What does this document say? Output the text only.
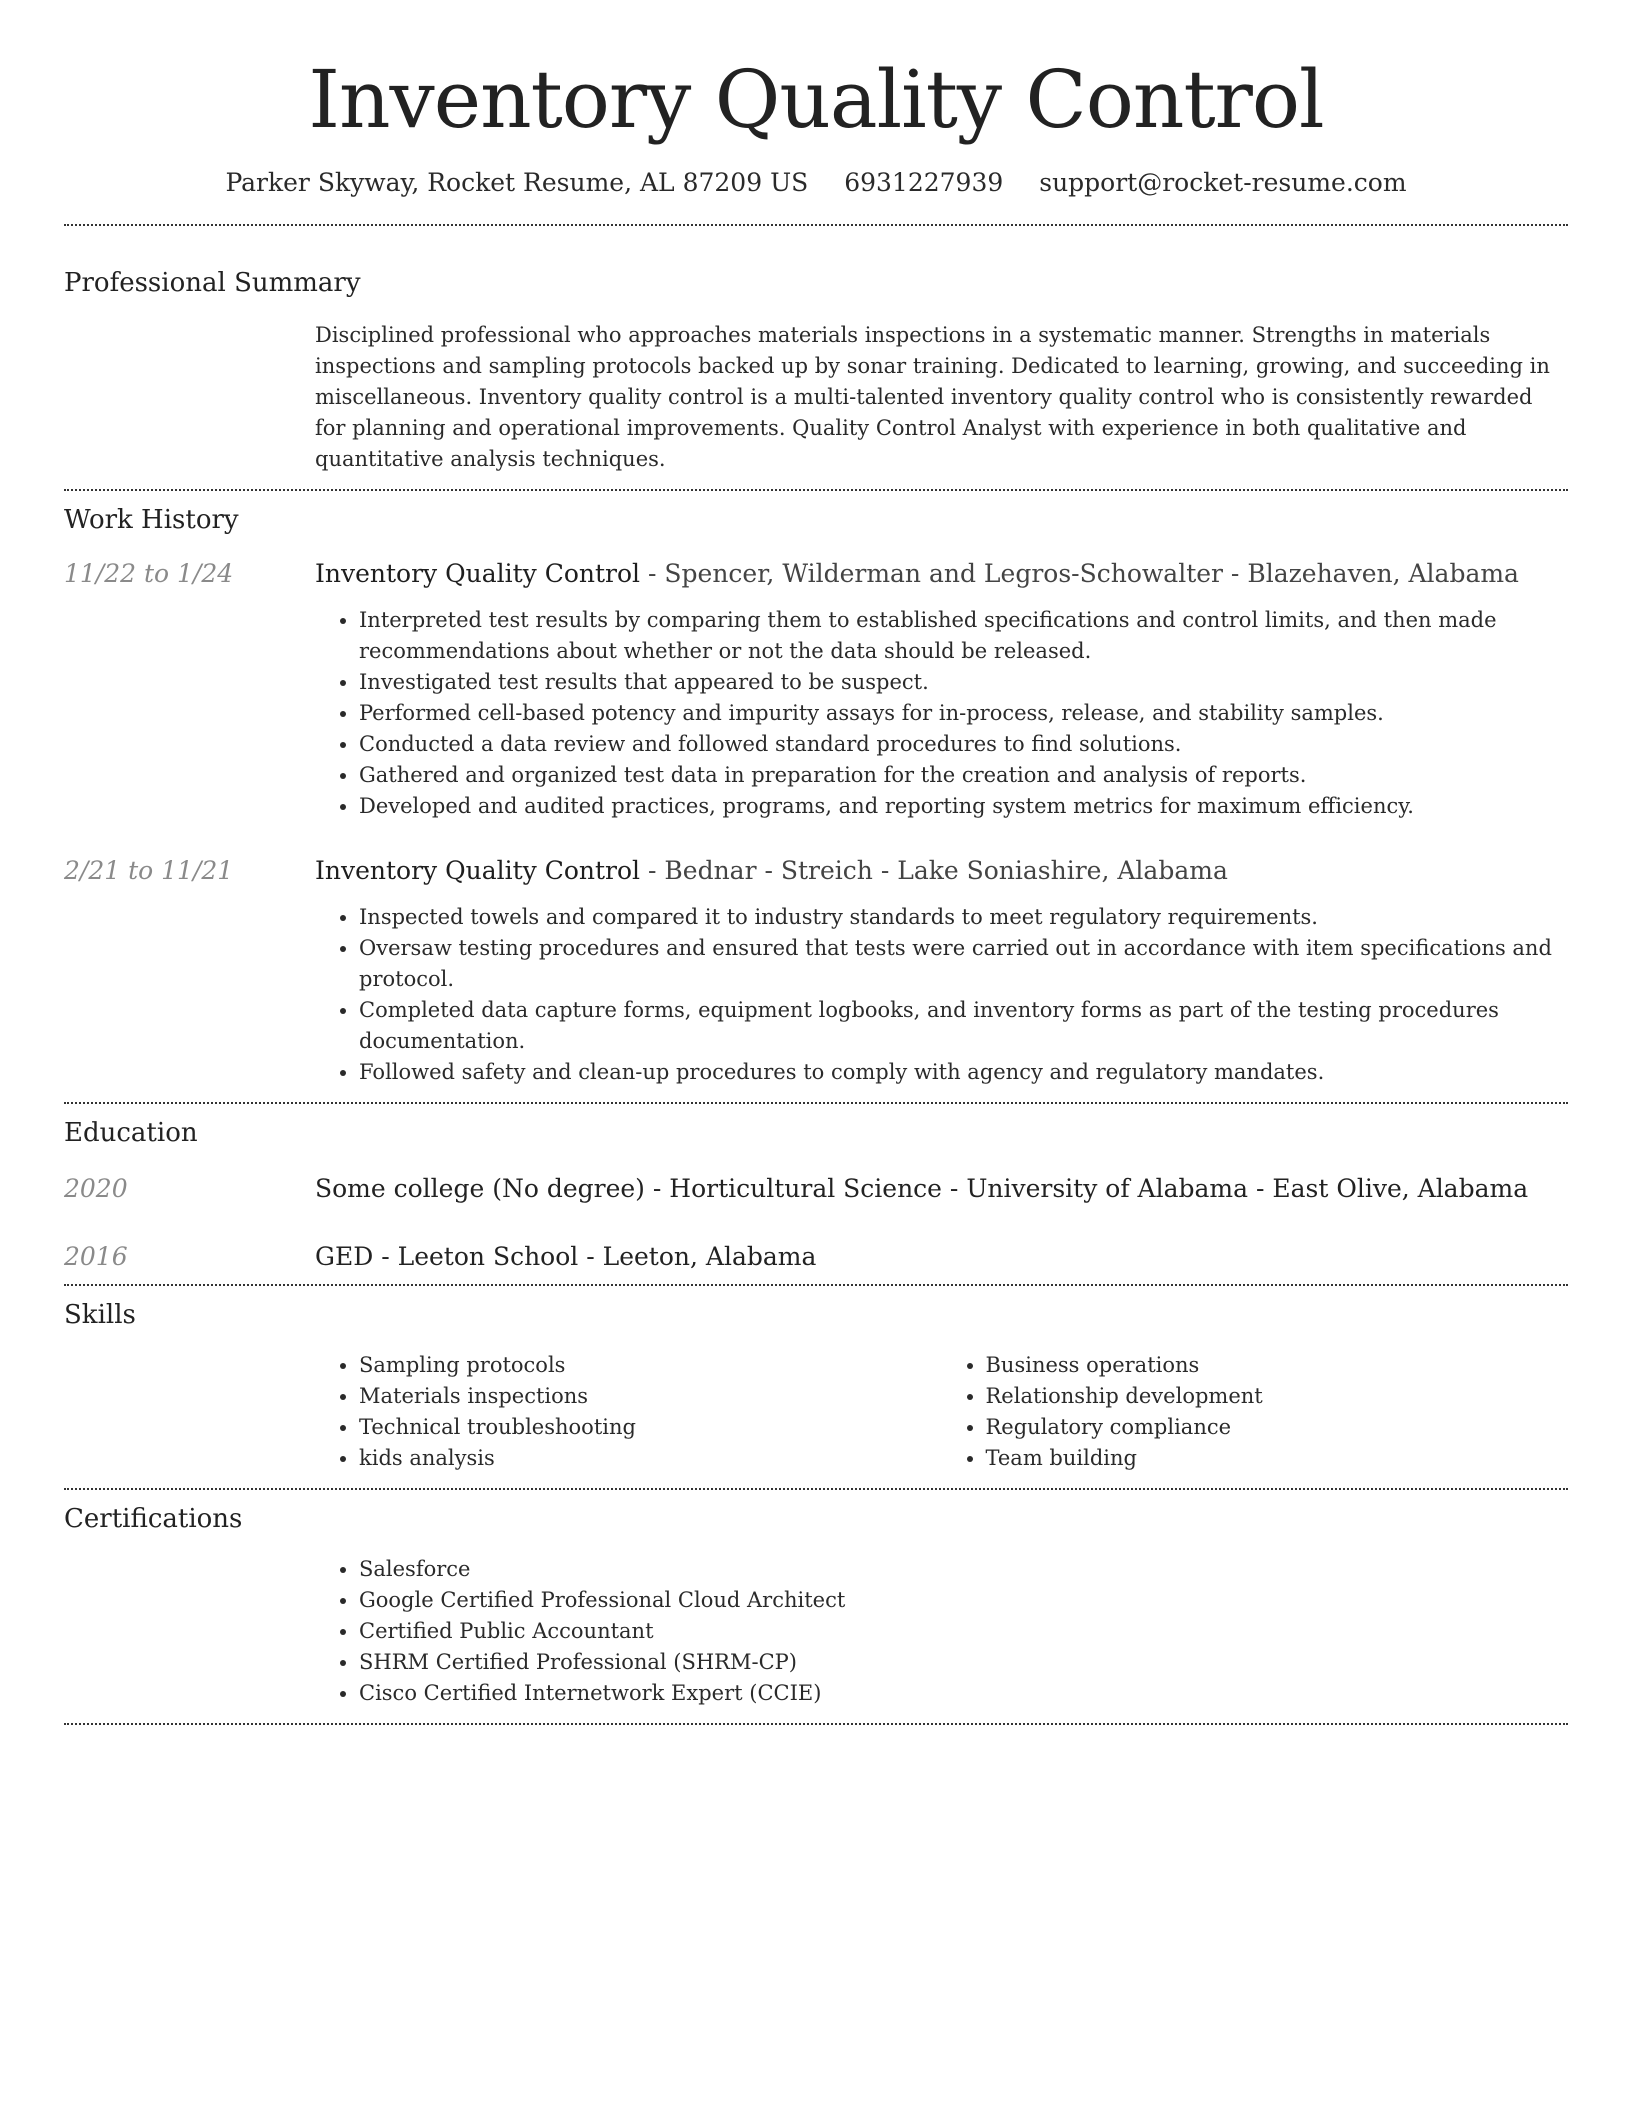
Inventory Quality Control
Parker Skyway, Rocket Resume, AL 87209 US 6931227939 support@rocket-resume.com
Professional Summary
Disciplined professional who approaches materials inspections in a systematic manner. Strengths in materials inspections and sampling protocols backed up by sonar training. Dedicated to learning, growing, and succeeding in miscellaneous. Inventory quality control is a multi-talented inventory quality control who is consistently rewarded for planning and operational improvements. Quality Control Analyst with experience in both qualitative and quantitative analysis techniques.
Work History
11/22 to 1/24	Inventory Quality Control - Spencer, Wilderman and Legros-Schowalter - Blazehaven, Alabama
• Interpreted test results by comparing them to established specifications and control limits, and then made recommendations about whether or not the data should be released.
• Investigated test results that appeared to be suspect.
• Performed cell-based potency and impurity assays for in-process, release, and stability samples.
• Conducted a data review and followed standard procedures to find solutions.
• Gathered and organized test data in preparation for the creation and analysis of reports.
• Developed and audited practices, programs, and reporting system metrics for maximum efficiency.
2/21 to 11/21	Inventory Quality Control - Bednar - Streich - Lake Soniashire, Alabama
• Inspected towels and compared it to industry standards to meet regulatory requirements.
• Oversaw testing procedures and ensured that tests were carried out in accordance with item specifications and protocol.
• Completed data capture forms, equipment logbooks, and inventory forms as part of the testing procedures documentation.
• Followed safety and clean-up procedures to comply with agency and regulatory mandates.
Education
2020	Some college (No degree) - Horticultural Science - University of Alabama - East Olive, Alabama
2016	GED - Leeton School - Leeton, Alabama
Skills
• Sampling protocols
• Materials inspections
• Technical troubleshooting
• kids analysis
• Business operations
• Relationship development
• Regulatory compliance
• Team building
Certifications
• Salesforce
• Google Certified Professional Cloud Architect
• Certified Public Accountant
• SHRM Certified Professional (SHRM-CP)
• Cisco Certified Internetwork Expert (CCIE)
